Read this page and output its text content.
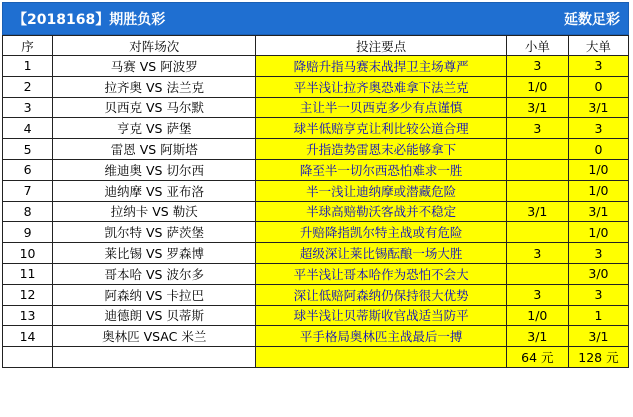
【2018168】期胜负彩	延数足彩
序	对阵场次	投注要点	小单	大单
1	马赛 VS 阿波罗	降赔升指马赛末战捍卫主场尊严	3	3
2	拉齐奥 VS 法兰克	平半浅让拉齐奥恐难拿下法兰克	1/0	0
3	贝西克 VS 马尔默	主让半一贝西克多少有点谨慎	3/1	3/1
4	亨克 VS 萨堡	球半低赔亨克让利比较公道合理	3	3
5	雷恩 VS 阿斯塔	升指造势雷恩末必能够拿下		0
6	维迪奥 VS 切尔西	降至半一切尔西恐怕难求一胜		1/0
7	迪纳摩 VS 亚布洛	半一浅让迪纳摩或潜藏危险		1/0
8	拉纳卡 VS 勒沃	半球高赔勒沃客战并不稳定	3/1	3/1
9	凯尔特 VS 萨茨堡	升赔降指凯尔特主战或有危险		1/0
10	莱比锡 VS 罗森博	超级深让莱比锡酝酿一场大胜	3	3
11	哥本哈 VS 波尔多	平半浅让哥本哈作为恐怕不会大		3/0
12	阿森纳 VS 卡拉巴	深让低赔阿森纳仍保持很大优势	3	3
13	迪德朗 VS 贝蒂斯	球半浅让贝蒂斯收官战适当防平	1/0	1
14	奥林匹 VSAC 米兰	平手格局奥林匹主战最后一搏	3/1	3/1
			64 元	128 元
